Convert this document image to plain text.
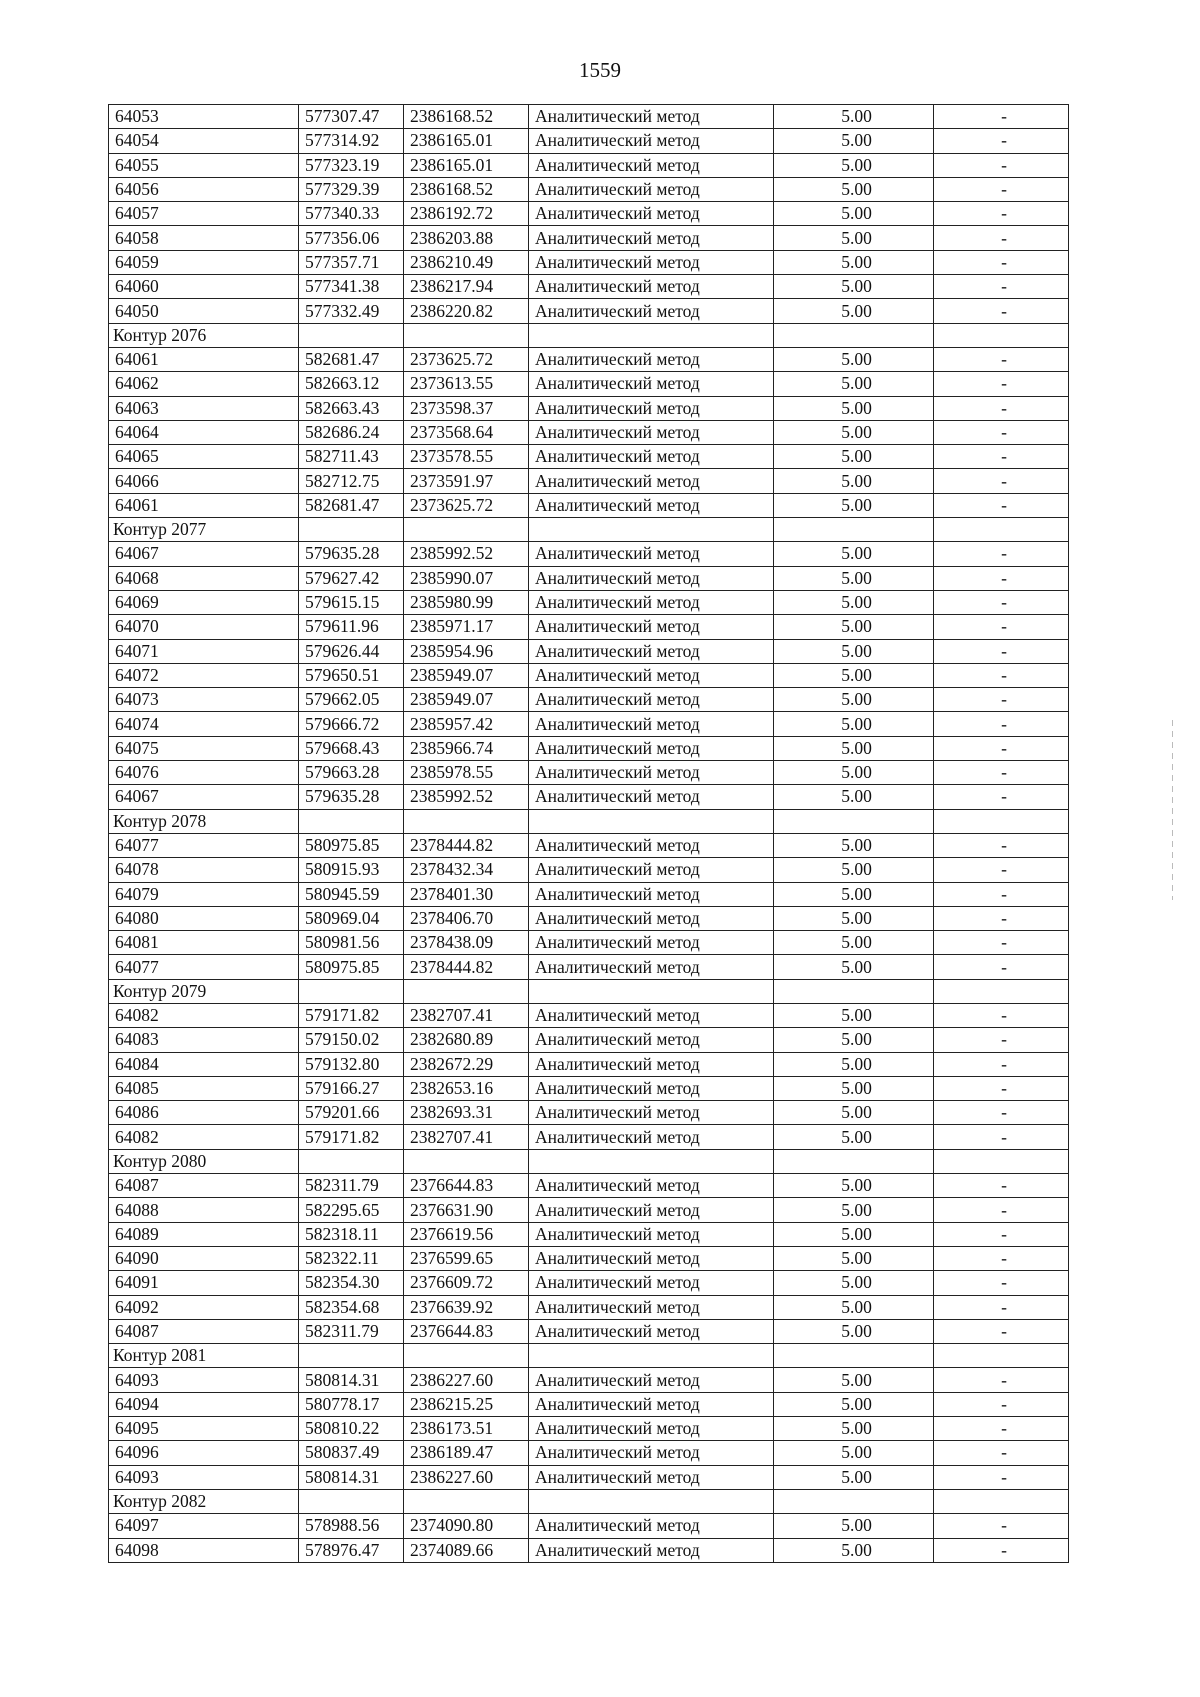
1559
64053	577307.47	2386168.52	Аналитический метод	5.00	-
64054	577314.92	2386165.01	Аналитический метод	5.00	-
64055	577323.19	2386165.01	Аналитический метод	5.00	-
64056	577329.39	2386168.52	Аналитический метод	5.00	-
64057	577340.33	2386192.72	Аналитический метод	5.00	-
64058	577356.06	2386203.88	Аналитический метод	5.00	-
64059	577357.71	2386210.49	Аналитический метод	5.00	-
64060	577341.38	2386217.94	Аналитический метод	5.00	-
64050	577332.49	2386220.82	Аналитический метод	5.00	-
Контур 2076					
64061	582681.47	2373625.72	Аналитический метод	5.00	-
64062	582663.12	2373613.55	Аналитический метод	5.00	-
64063	582663.43	2373598.37	Аналитический метод	5.00	-
64064	582686.24	2373568.64	Аналитический метод	5.00	-
64065	582711.43	2373578.55	Аналитический метод	5.00	-
64066	582712.75	2373591.97	Аналитический метод	5.00	-
64061	582681.47	2373625.72	Аналитический метод	5.00	-
Контур 2077					
64067	579635.28	2385992.52	Аналитический метод	5.00	-
64068	579627.42	2385990.07	Аналитический метод	5.00	-
64069	579615.15	2385980.99	Аналитический метод	5.00	-
64070	579611.96	2385971.17	Аналитический метод	5.00	-
64071	579626.44	2385954.96	Аналитический метод	5.00	-
64072	579650.51	2385949.07	Аналитический метод	5.00	-
64073	579662.05	2385949.07	Аналитический метод	5.00	-
64074	579666.72	2385957.42	Аналитический метод	5.00	-
64075	579668.43	2385966.74	Аналитический метод	5.00	-
64076	579663.28	2385978.55	Аналитический метод	5.00	-
64067	579635.28	2385992.52	Аналитический метод	5.00	-
Контур 2078					
64077	580975.85	2378444.82	Аналитический метод	5.00	-
64078	580915.93	2378432.34	Аналитический метод	5.00	-
64079	580945.59	2378401.30	Аналитический метод	5.00	-
64080	580969.04	2378406.70	Аналитический метод	5.00	-
64081	580981.56	2378438.09	Аналитический метод	5.00	-
64077	580975.85	2378444.82	Аналитический метод	5.00	-
Контур 2079					
64082	579171.82	2382707.41	Аналитический метод	5.00	-
64083	579150.02	2382680.89	Аналитический метод	5.00	-
64084	579132.80	2382672.29	Аналитический метод	5.00	-
64085	579166.27	2382653.16	Аналитический метод	5.00	-
64086	579201.66	2382693.31	Аналитический метод	5.00	-
64082	579171.82	2382707.41	Аналитический метод	5.00	-
Контур 2080					
64087	582311.79	2376644.83	Аналитический метод	5.00	-
64088	582295.65	2376631.90	Аналитический метод	5.00	-
64089	582318.11	2376619.56	Аналитический метод	5.00	-
64090	582322.11	2376599.65	Аналитический метод	5.00	-
64091	582354.30	2376609.72	Аналитический метод	5.00	-
64092	582354.68	2376639.92	Аналитический метод	5.00	-
64087	582311.79	2376644.83	Аналитический метод	5.00	-
Контур 2081					
64093	580814.31	2386227.60	Аналитический метод	5.00	-
64094	580778.17	2386215.25	Аналитический метод	5.00	-
64095	580810.22	2386173.51	Аналитический метод	5.00	-
64096	580837.49	2386189.47	Аналитический метод	5.00	-
64093	580814.31	2386227.60	Аналитический метод	5.00	-
Контур 2082					
64097	578988.56	2374090.80	Аналитический метод	5.00	-
64098	578976.47	2374089.66	Аналитический метод	5.00	-
